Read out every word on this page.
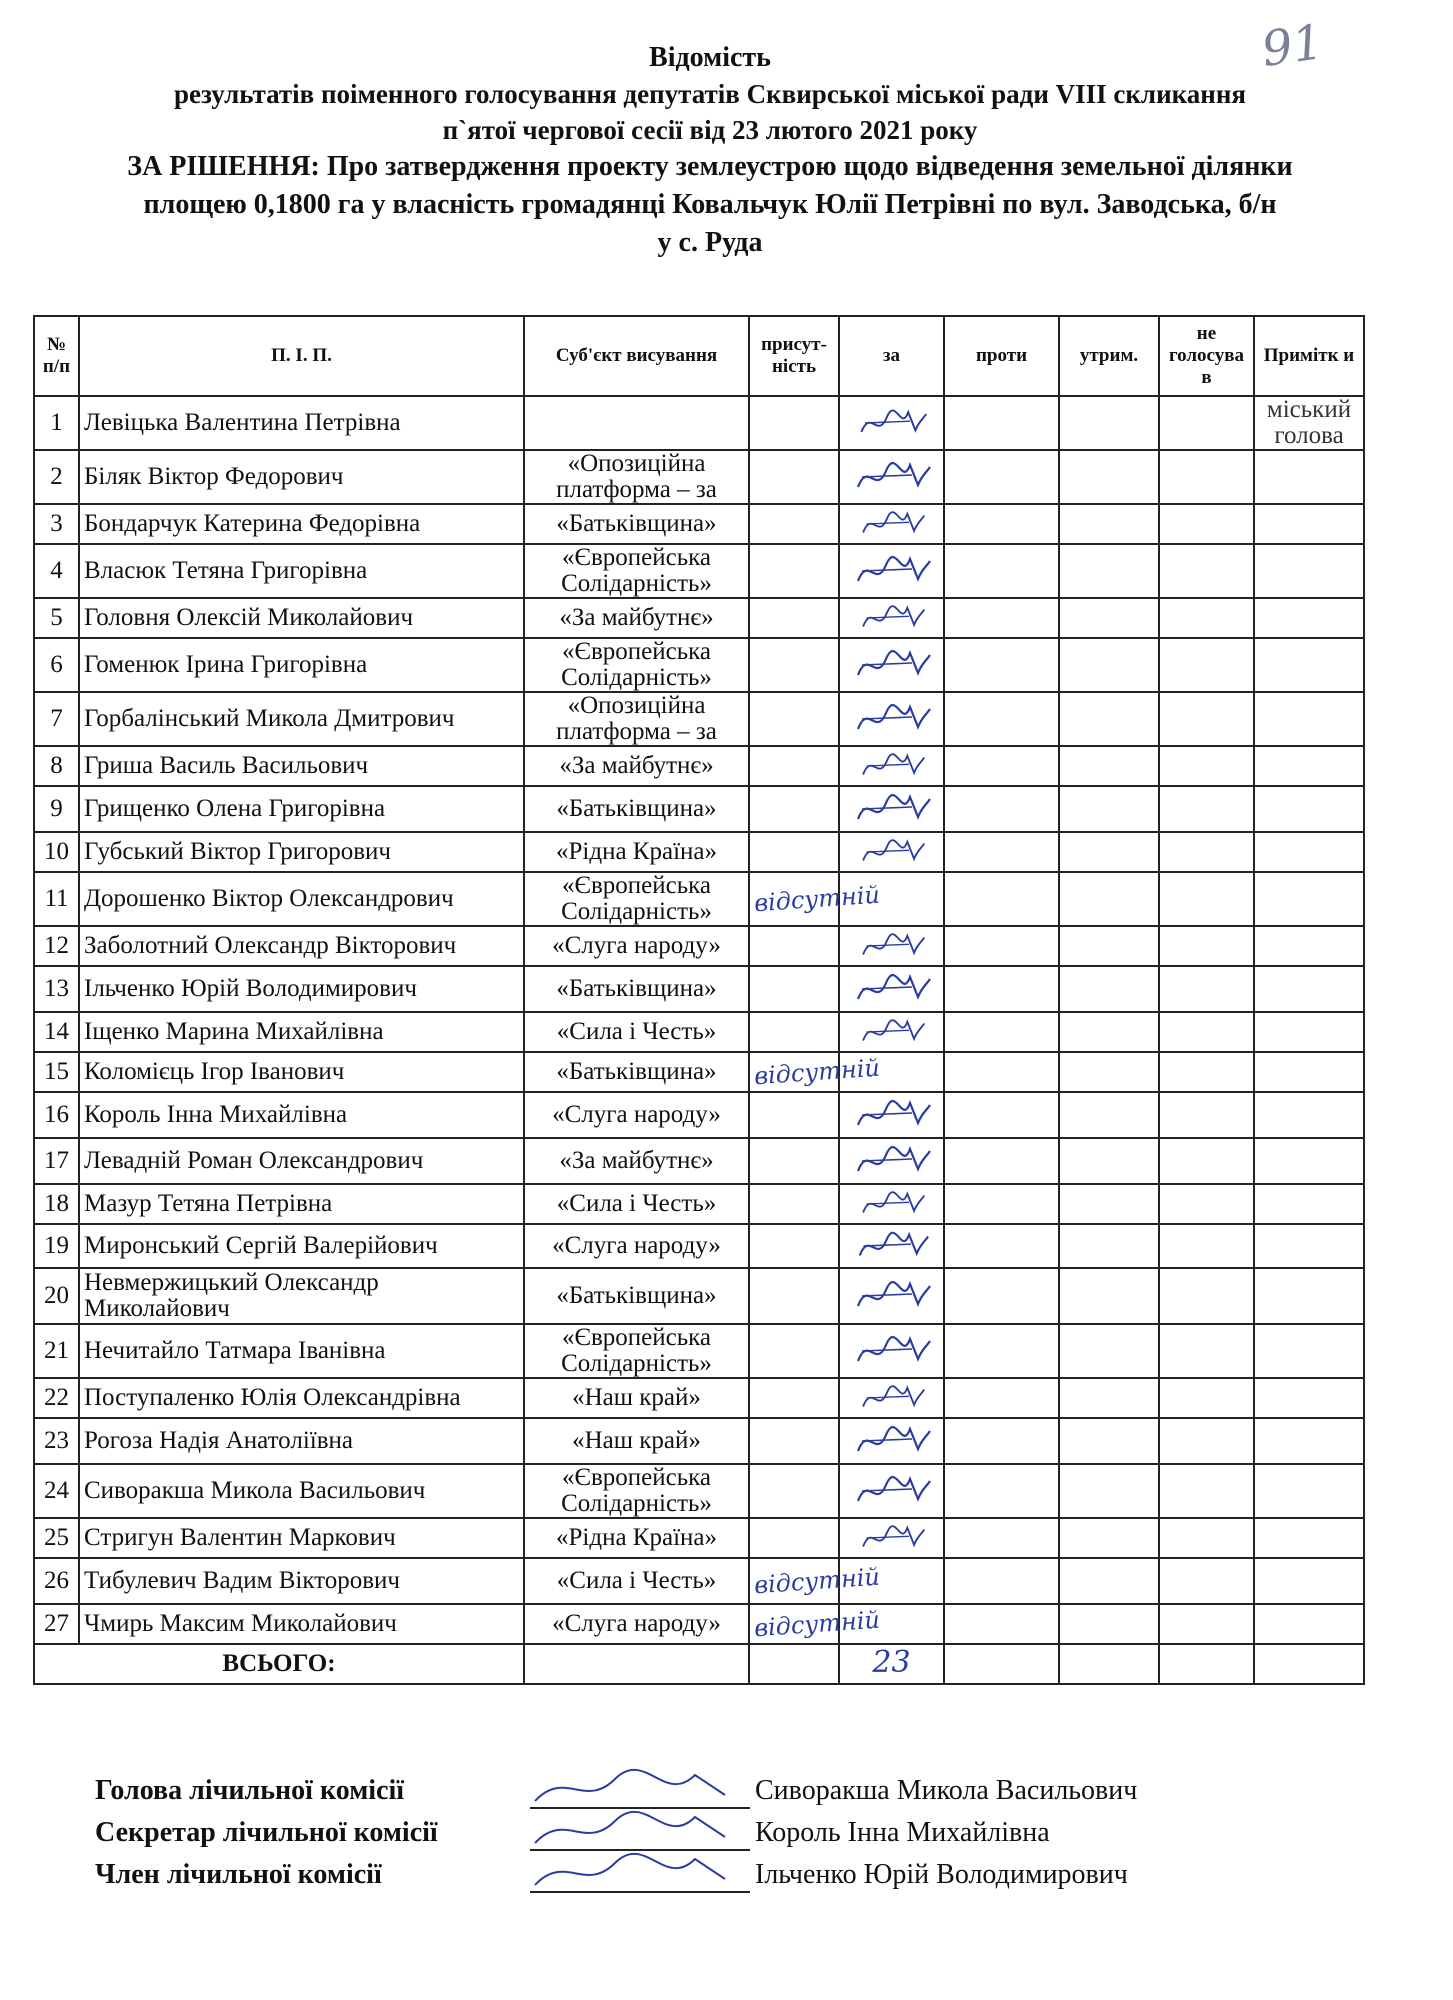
91
Відомість
результатів поіменного голосування депутатів Сквирської міської ради VIII скликання
п`ятої чергової сесії від 23 лютого 2021 року
ЗА РІШЕННЯ: Про затвердження проекту землеустрою щодо відведення земельної ділянки
площею 0,1800 га у власність громадянці Ковальчук Юлії Петрівні по вул. Заводська, б/н
у с. Руда
№ п/п	П. І. П.	Суб'єкт висування	присут-ність	за	проти	утрим.	не голосува в	Примітк и
1	Левіцька Валентина Петрівна							міський голова
2	Біляк Віктор Федорович	«Опозиційна платформа – за		

3	Бондарчук Катерина Федорівна	«Батьківщина»		

4	Власюк Тетяна Григорівна	«Європейська Солідарність»		

5	Головня Олексій Миколайович	«За майбутнє»		

6	Гоменюк Ірина Григорівна	«Європейська Солідарність»		

7	Горбалінський Микола Дмитрович	«Опозиційна платформа – за		

8	Гриша Василь Васильович	«За майбутнє»		

9	Грищенко Олена Григорівна	«Батьківщина»		

10	Губський Віктор Григорович	«Рідна Країна»		

11	Дорошенко Віктор Олександрович	«Європейська Солідарність»	відсутній					
12	Заболотний Олександр Вікторович	«Слуга народу»		

13	Ільченко Юрій Володимирович	«Батьківщина»		

14	Іщенко Марина Михайлівна	«Сила і Честь»		

15	Коломієць Ігор Іванович	«Батьківщина»	відсутній					
16	Король Інна Михайлівна	«Слуга народу»		

17	Левадній Роман Олександрович	«За майбутнє»		

18	Мазур Тетяна Петрівна	«Сила і Честь»		

19	Миронський Сергій Валерійович	«Слуга народу»		

20	Невмержицький Олександр Миколайович	«Батьківщина»		

21	Нечитайло Татмара Іванівна	«Європейська Солідарність»		

22	Поступаленко Юлія Олександрівна	«Наш край»		

23	Рогоза Надія Анатоліївна	«Наш край»		

24	Сиворакша Микола Васильович	«Європейська Солідарність»		

25	Стригун Валентин Маркович	«Рідна Країна»		

26	Тибулевич Вадим Вікторович	«Сила і Честь»	відсутній					
27	Чмирь Максим Миколайович	«Слуга народу»	відсутній					
ВСЬОГО:				23				
Голова лічильної комісії	Сиворакша Микола Васильович
Секретар лічильної комісії	Король Інна Михайлівна
Член лічильної комісії	Ільченко Юрій Володимирович
